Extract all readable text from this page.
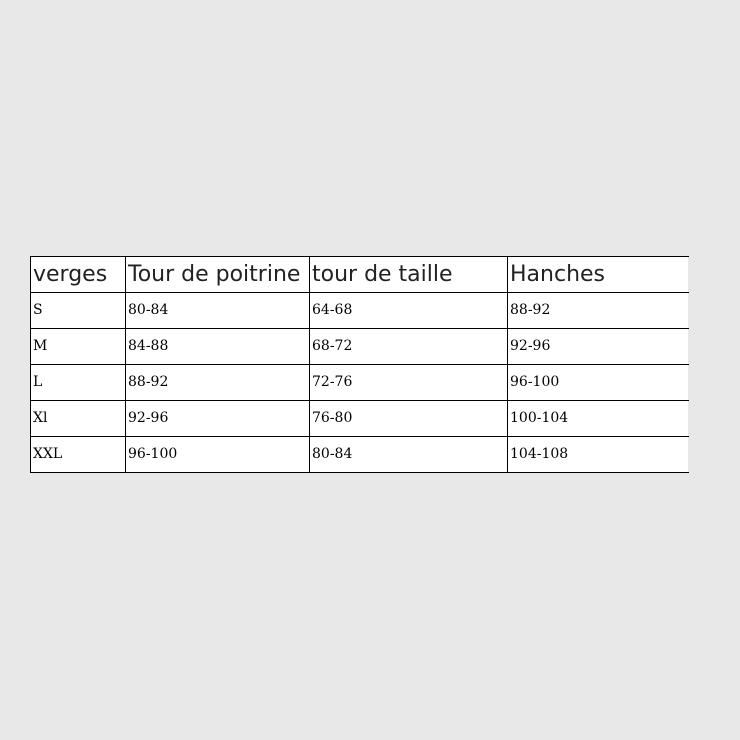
verges	Tour de poitrine	tour de taille	Hanches
S	80-84	64-68	88-92
M	84-88	68-72	92-96
L	88-92	72-76	96-100
Xl	92-96	76-80	100-104
XXL	96-100	80-84	104-108
